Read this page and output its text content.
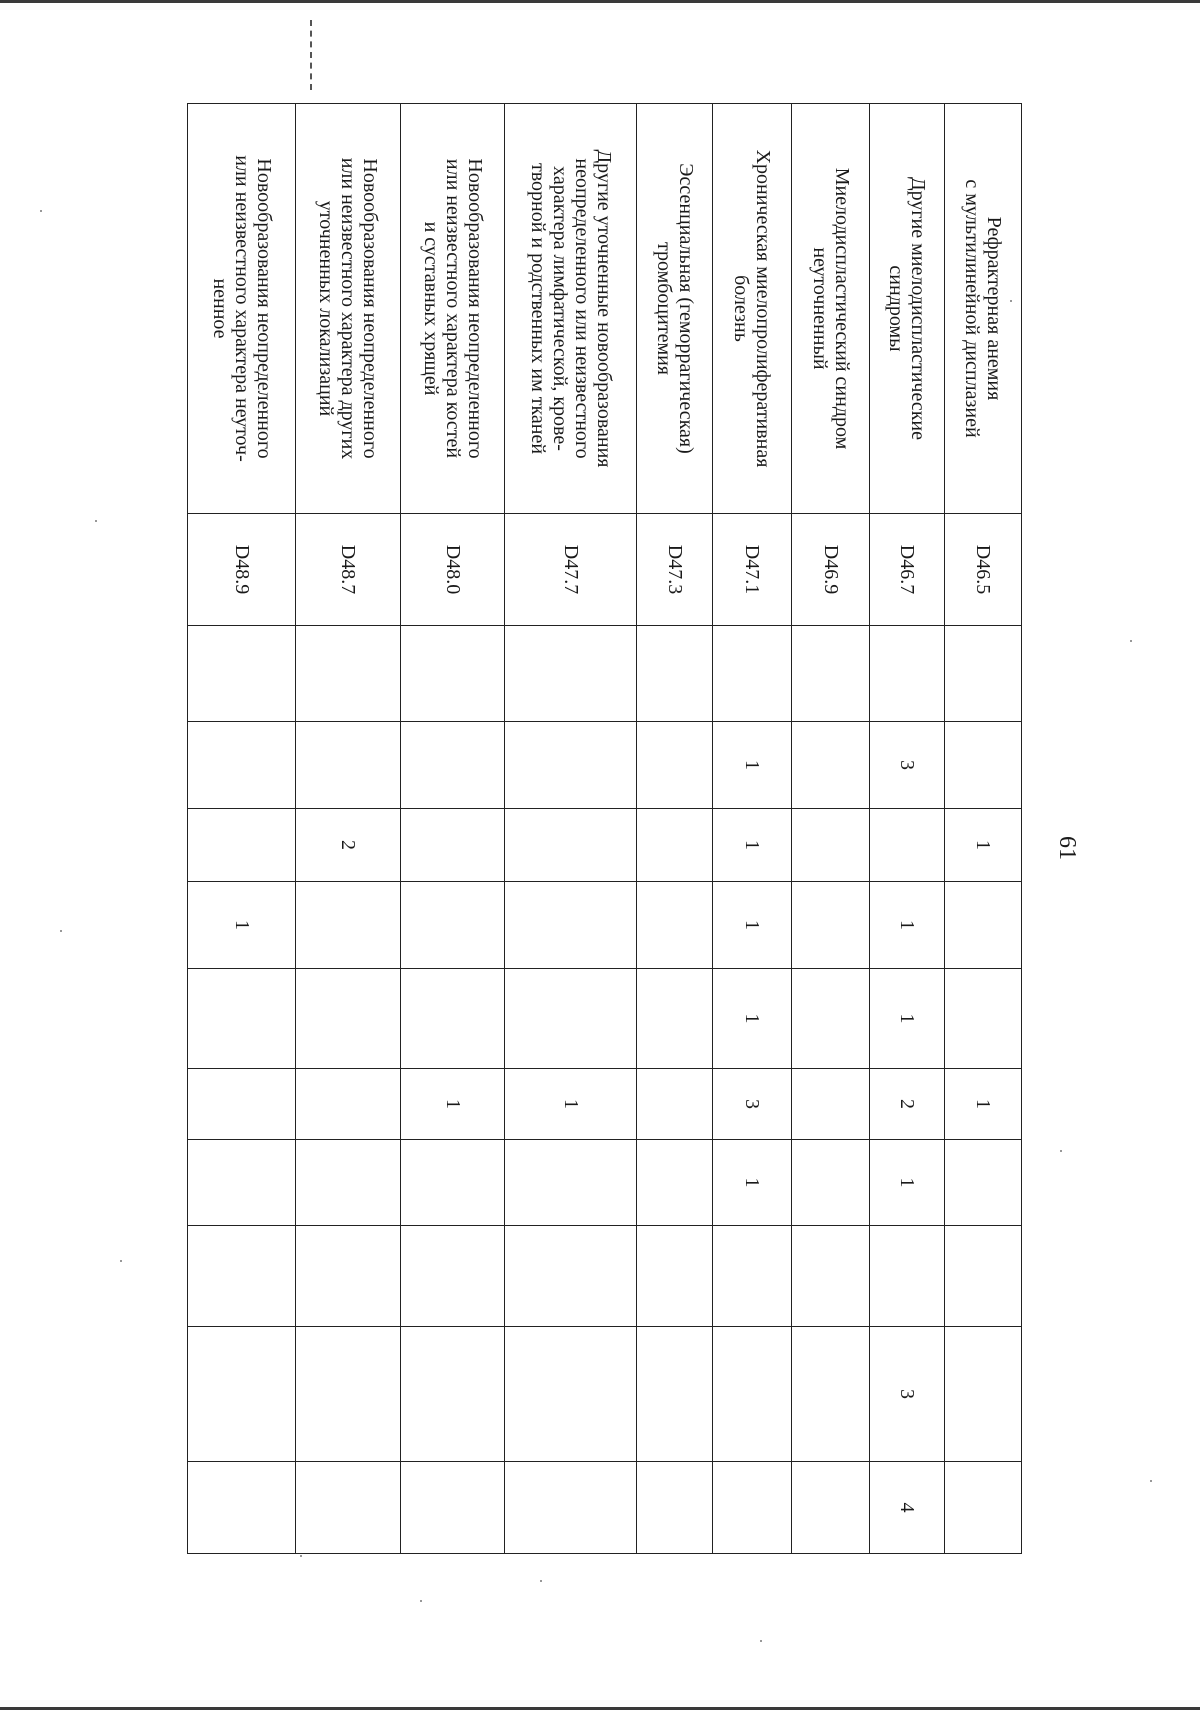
61
Рефрактерная анемия
с мультилинейной дисплазией	D46.5			1			1				

Другие миелодиспластические
синдромы	D46.7		3		1	1	2	1		3	4

Миелодиспластический синдром
неуточненный	D46.9										

Хроническая миелопролиферативная
болезнь	D47.1		1	1	1	1	3	1			

Эссенциальная (геморрагическая)
тромбоцитемия	D47.3										

Другие уточненные новообразования
неопределенного или неизвестного
характера лимфатической, крове-
творной и родственных им тканей	D47.7						1				

Новообразования неопределенного
или неизвестного характера костей
и суставных хрящей	D48.0						1				

Новообразования неопределенного
или неизвестного характера других
уточненных локализаций	D48.7			2							

Новообразования неопределенного
или неизвестного характера неуточ-
ненное	D48.9				1						
